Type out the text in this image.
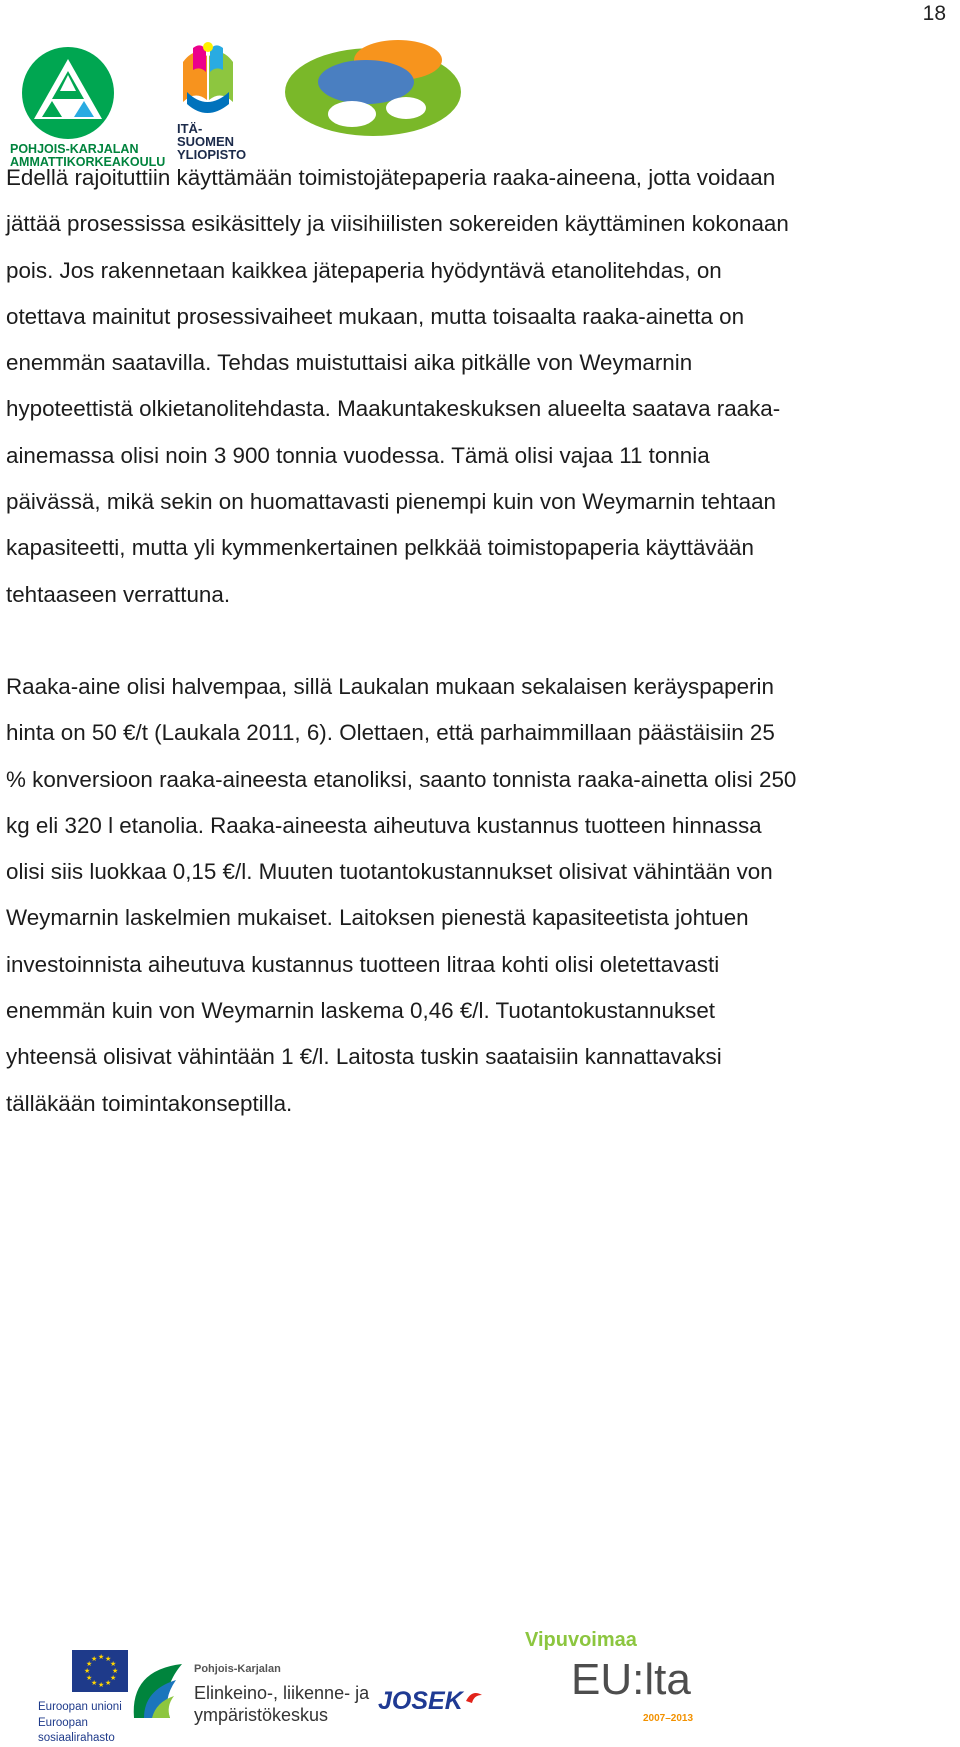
18
POHJOIS-KARJALAN AMMATTIKORKEAKOULU
ITÄ-SUOMEN YLIOPISTO

Edellä rajoituttiin käyttämään toimistojätepaperia raaka-aineena, jotta voidaan

jättää prosessissa esikäsittely ja viisihiilisten sokereiden käyttäminen kokonaan

pois. Jos rakennetaan kaikkea jätepaperia hyödyntävä etanolitehdas, on

otettava mainitut prosessivaiheet mukaan, mutta toisaalta raaka-ainetta on

enemmän saatavilla. Tehdas muistuttaisi aika pitkälle von Weymarnin

hypoteettistä olkietanolitehdasta. Maakuntakeskuksen alueelta saatava raaka-

ainemassa olisi noin 3 900 tonnia vuodessa. Tämä olisi vajaa 11 tonnia

päivässä, mikä sekin on huomattavasti pienempi kuin von Weymarnin tehtaan

kapasiteetti, mutta yli kymmenkertainen pelkkää toimistopaperia käyttävään

tehtaaseen verrattuna.

Raaka-aine olisi halvempaa, sillä Laukalan mukaan sekalaisen keräyspaperin

hinta on 50 €/t (Laukala 2011, 6). Olettaen, että parhaimmillaan päästäisiin 25

% konversioon raaka-aineesta etanoliksi, saanto tonnista raaka-ainetta olisi 250

kg eli 320 l etanolia. Raaka-aineesta aiheutuva kustannus tuotteen hinnassa

olisi siis luokkaa 0,15 €/l. Muuten tuotantokustannukset olisivat vähintään von

Weymarnin laskelmien mukaiset. Laitoksen pienestä kapasiteetista johtuen

investoinnista aiheutuva kustannus tuotteen litraa kohti olisi oletettavasti

enemmän kuin von Weymarnin laskema 0,46 €/l. Tuotantokustannukset

yhteensä olisivat vähintään 1 €/l. Laitosta tuskin saataisiin kannattavaksi

tälläkään toimintakonseptilla.

★ ★
★
★
★
★
★
★
★
★
★
★
Euroopan unioni Euroopan sosiaalirahasto
Pohjois-Karjalan
Elinkeino-, liikenne- ja
ympäristökeskus JOSEK
Vipuvoimaa
EU:lta
2007–2013
